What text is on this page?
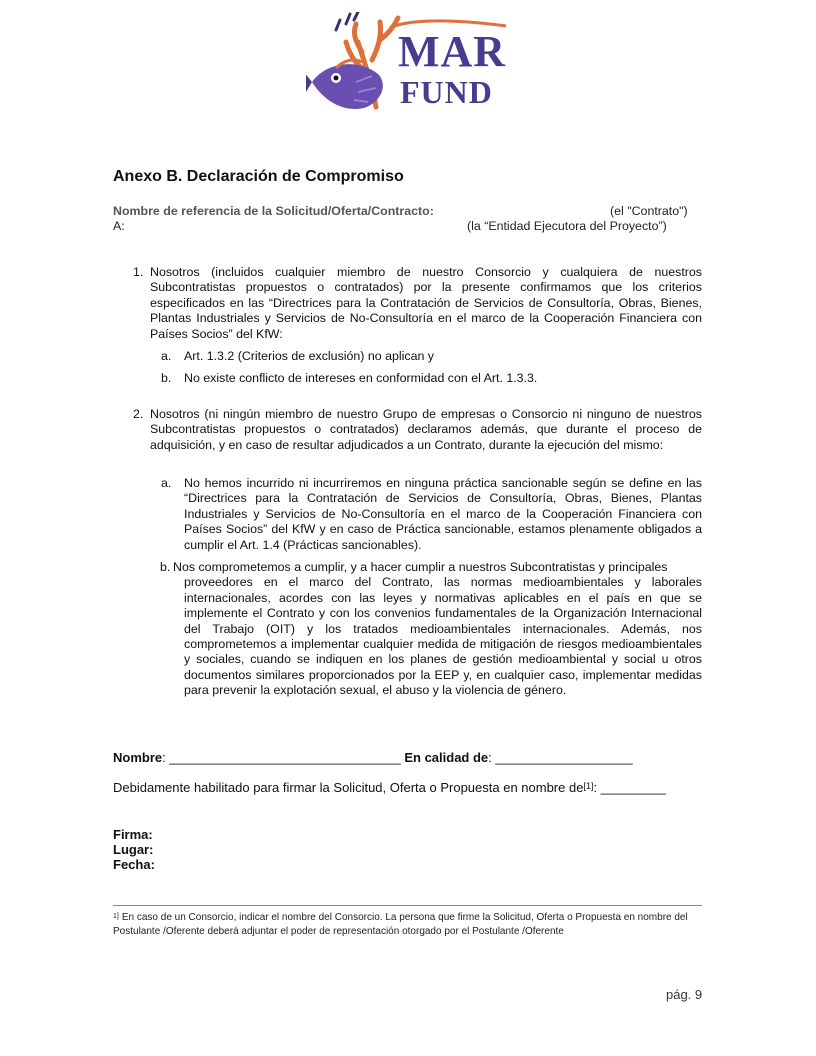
MAR
FUND
Anexo B. Declaración de Compromiso
Nombre de referencia de la Solicitud/Oferta/Contracto:	(el "Contrato")
A:	(la “Entidad Ejecutora del Proyecto”)
1. Nosotros (incluidos cualquier miembro de nuestro Consorcio y cualquiera de nuestros Subcontratistas propuestos o contratados) por la presente confirmamos que los criterios especificados en las “Directrices para la Contratación de Servicios de Consultoría, Obras, Bienes, Plantas Industriales y Servicios de No-Consultoría en el marco de la Cooperación Financiera con Países Socios” del KfW:
a. Art. 1.3.2 (Criterios de exclusión) no aplican y
b. No existe conflicto de intereses en conformidad con el Art. 1.3.3.
2. Nosotros (ni ningún miembro de nuestro Grupo de empresas o Consorcio ni ninguno de nuestros Subcontratistas propuestos o contratados) declaramos además, que durante el proceso de adquisición, y en caso de resultar adjudicados a un Contrato, durante la ejecución del mismo:
a. No hemos incurrido ni incurriremos en ninguna práctica sancionable según se define en las “Directrices para la Contratación de Servicios de Consultoría, Obras, Bienes, Plantas Industriales y Servicios de No-Consultoría en el marco de la Cooperación Financiera con Países Socios” del KfW y en caso de Práctica sancionable, estamos plenamente obligados a cumplir el Art. 1.4 (Prácticas sancionables).
b. Nos comprometemos a cumplir, y a hacer cumplir a nuestros Subcontratistas y principales
proveedores en el marco del Contrato, las normas medioambientales y laborales internacionales, acordes con las leyes y normativas aplicables en el país en que se implemente el Contrato y con los convenios fundamentales de la Organización Internacional del Trabajo (OIT) y los tratados medioambientales internacionales. Además, nos comprometemos a implementar cualquier medida de mitigación de riesgos medioambientales y sociales, cuando se indiquen en los planes de gestión medioambiental y social u otros documentos similares proporcionados por la EEP y, en cualquier caso, implementar medidas para prevenir la explotación sexual, el abuso y la violencia de género.
Nombre: ________________________________ En calidad de: ___________________
Debidamente habilitado para firmar la Solicitud, Oferta o Propuesta en nombre de[1]: _________
Firma:
Lugar:
Fecha:
$^{1]}$ En caso de un Consorcio, indicar el nombre del Consorcio. La persona que firme la Solicitud, Oferta o Propuesta en nombre del Postulante /Oferente deberá adjuntar el poder de representación otorgado por el Postulante /Oferente
pág. 9
